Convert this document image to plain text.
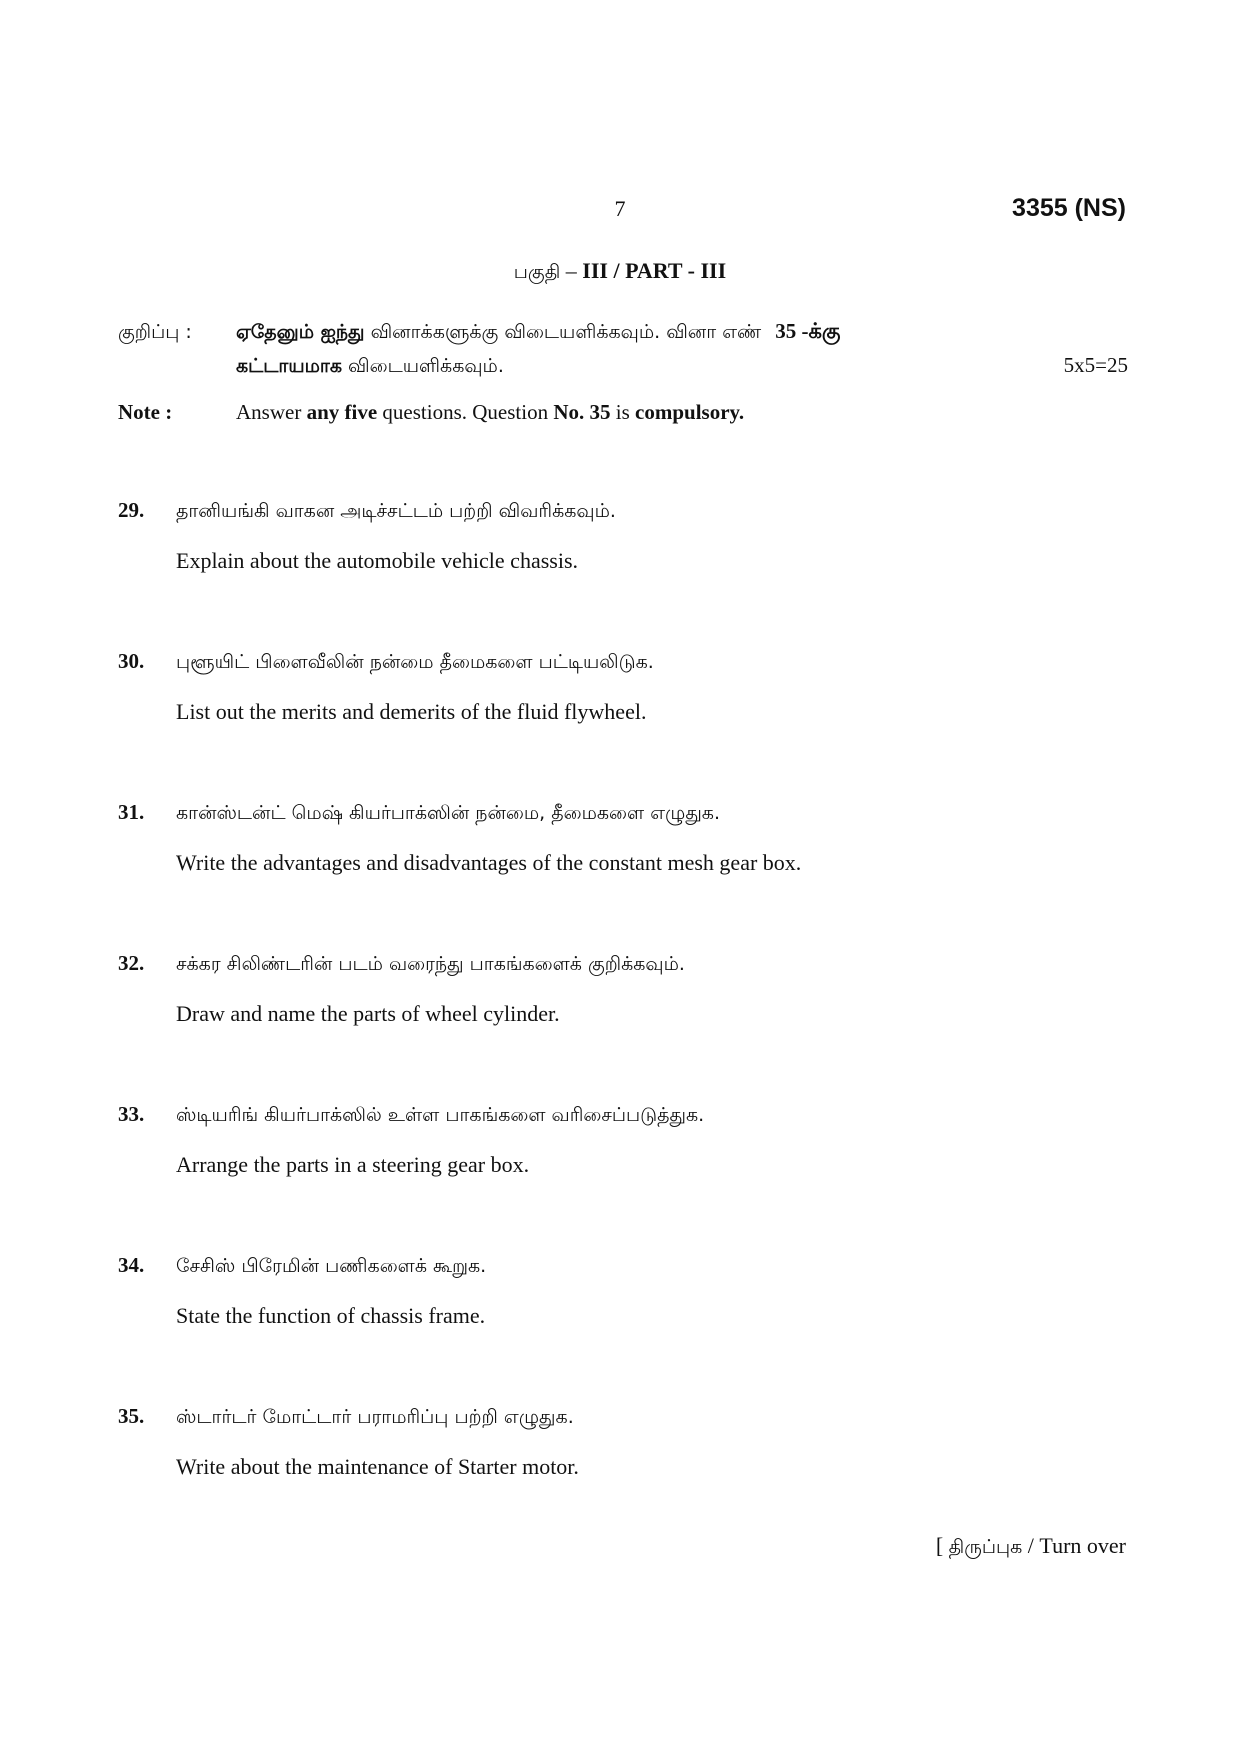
7	3355 (NS)
பகுதி – III / PART - III
குறிப்பு : ஏதேனும் ஐந்து வினாக்களுக்கு விடையளிக்கவும். வினா எண் 35 -க்கு
கட்டாயமாக விடையளிக்கவும்.	5x5=25
Note :	Answer any five questions. Question No. 35 is compulsory.
29. தானியங்கி வாகன அடிச்சட்டம் பற்றி விவரிக்கவும்.
Explain about the automobile vehicle chassis.
30. புளூயிட் பிளைவீலின் நன்மை தீமைகளை பட்டியலிடுக.
List out the merits and demerits of the fluid flywheel.
31. கான்ஸ்டன்ட் மெஷ் கியர்பாக்ஸின் நன்மை, தீமைகளை எழுதுக.
Write the advantages and disadvantages of the constant mesh gear box.
32. சக்கர சிலிண்டரின் படம் வரைந்து பாகங்களைக் குறிக்கவும்.
Draw and name the parts of wheel cylinder.
33. ஸ்டியரிங் கியர்பாக்ஸில் உள்ள பாகங்களை வரிசைப்படுத்துக.
Arrange the parts in a steering gear box.
34. சேசிஸ் பிரேமின் பணிகளைக் கூறுக.
State the function of chassis frame.
35. ஸ்டார்டர் மோட்டார் பராமரிப்பு பற்றி எழுதுக.
Write about the maintenance of Starter motor.
[ திருப்புக / Turn over
